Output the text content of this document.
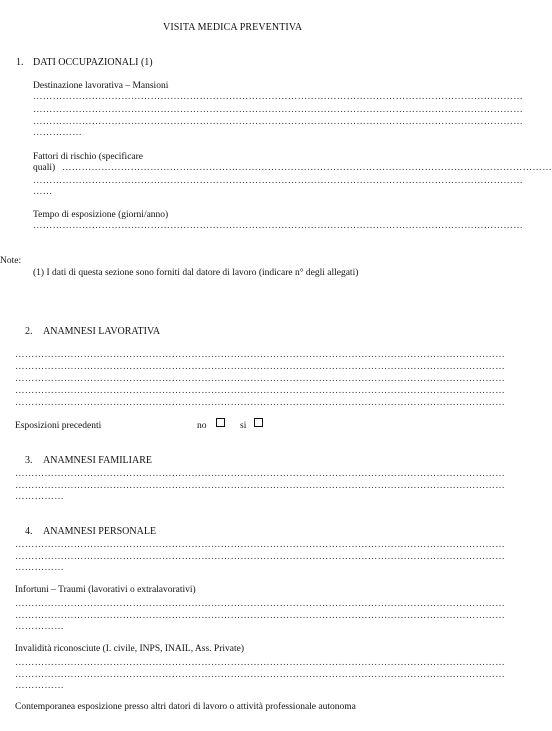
VISITA MEDICA PREVENTIVA
1. DATI OCCUPAZIONALI (1)
Destinazione lavorativa – Mansioni
……………………………………………………………………………………………………………………………………
……………………………………………………………………………………………………………………………………
……………………………………………………………………………………………………………………………………
……………
Fattori di rischio (specificare
quali) ……………………………………………………………………………………………………………………………………
……………………………………………………………………………………………………………………………………
……
Tempo di esposizione (giorni/anno)
……………………………………………………………………………………………………………………………………
Note:
(1) I dati di questa sezione sono forniti dal datore di lavoro (indicare n° degli allegati)
2. ANAMNESI LAVORATIVA
……………………………………………………………………………………………………………………………………
……………………………………………………………………………………………………………………………………
……………………………………………………………………………………………………………………………………
……………………………………………………………………………………………………………………………………
……………………………………………………………………………………………………………………………………
Esposizioni precedenti	no	si
3. ANAMNESI FAMILIARE
……………………………………………………………………………………………………………………………………
……………………………………………………………………………………………………………………………………
……………
4. ANAMNESI PERSONALE
……………………………………………………………………………………………………………………………………
……………………………………………………………………………………………………………………………………
……………
Infortuni – Traumi (lavorativi o extralavorativi)
……………………………………………………………………………………………………………………………………
……………………………………………………………………………………………………………………………………
……………
Invalidità riconosciute (I. civile, INPS, INAIL, Ass. Private)
……………………………………………………………………………………………………………………………………
……………………………………………………………………………………………………………………………………
……………
Contemporanea esposizione presso altri datori di lavoro o attività professionale autonoma
